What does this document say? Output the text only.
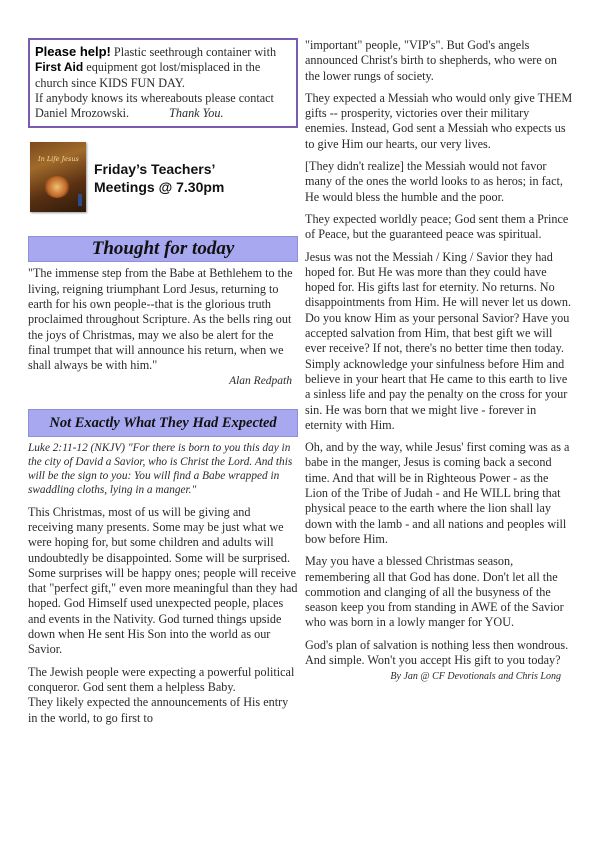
Please help! Plastic seethrough container with First Aid equipment got lost/misplaced in the church since KIDS FUN DAY.

If anybody knows its whereabouts please contact Daniel Mrozowski.	Thank You.

In Life Jesus
Friday’s Teachers’
Meetings @ 7.30pm
Thought for today

"The immense step from the Babe at Bethlehem to the living, reigning triumphant Lord Jesus, returning to earth for his own people--that is the glorious truth proclaimed throughout Scripture. As the bells ring out the joys of Christmas, may we also be alert for the final trumpet that will announce his return, when we shall always be with him."

Alan Redpath

Not Exactly What They Had Expected

Luke 2:11-12 (NKJV) "For there is born to you this day in the city of David a Savior, who is Christ the Lord. And this will be the sign to you: You will find a Babe wrapped in swaddling cloths, lying in a manger."

This Christmas, most of us will be giving and receiving many presents. Some may be just what we were hoping for, but some children and adults will undoubtedly be disappointed. Some will be surprised. Some surprises will be happy ones; people will receive that "perfect gift," even more meaningful than they had hoped. God Himself used unexpected people, places and events in the Nativity. God turned things upside down when He sent His Son into the world as our Savior.

The Jewish people were expecting a powerful political conqueror. God sent them a helpless Baby.

They likely expected the announcements of His entry in the world, to go first to

"important" people, "VIP's". But God's angels announced Christ's birth to shepherds, who were on the lower rungs of society.

They expected a Messiah who would only give THEM gifts -- prosperity, victories over their military enemies. Instead, God sent a Messiah who expects us to give Him our hearts, our very lives.

[They didn't realize] the Messiah would not favor many of the ones the world looks to as heros; in fact, He would bless the humble and the poor.

They expected worldly peace; God sent them a Prince of Peace, but the guaranteed peace was spiritual.

Jesus was not the Messiah / King / Savior they had hoped for. But He was more than they could have hoped for. His gifts last for eternity. No returns. No disappointments from Him. He will never let us down. Do you know Him as your personal Savior? Have you accepted salvation from Him, that best gift we will ever receive? If not, there's no better time then today. Simply acknowledge your sinfulness before Him and believe in your heart that He came to this earth to live a sinless life and pay the penalty on the cross for your sin. He was born that we might live - forever in eternity with Him.

Oh, and by the way, while Jesus' first coming was as a babe in the manger, Jesus is coming back a second time. And that will be in Righteous Power - as the Lion of the Tribe of Judah - and He WILL bring that physical peace to the earth where the lion shall lay down with the lamb - and all nations and peoples will bow before Him.

May you have a blessed Christmas season, remembering all that God has done. Don't let all the commotion and clanging of all the busyness of the season keep you from standing in AWE of the Savior who was born in a lowly manger for YOU.

God's plan of salvation is nothing less then wondrous. And simple. Won't you accept His gift to you today?

By Jan @ CF Devotionals and Chris Long
